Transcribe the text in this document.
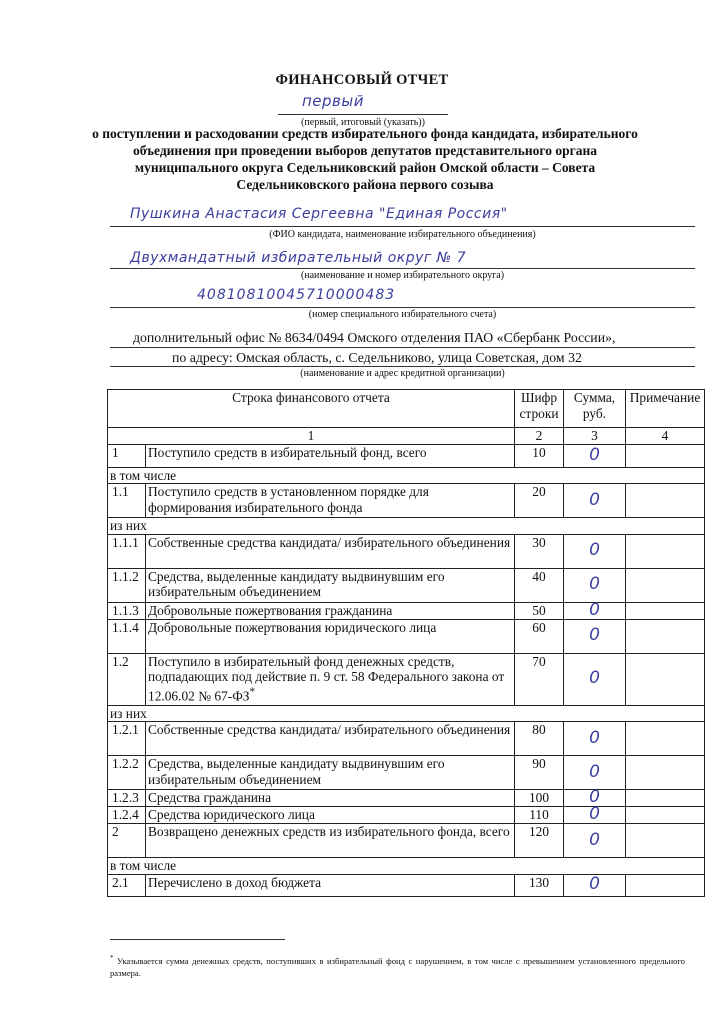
ФИНАНСОВЫЙ ОТЧЕТ
первый
(первый, итоговый (указать))
о поступлении и расходовании средств избирательного фонда кандидата, избирательного объединения при проведении выборов депутатов представительного органа муниципального округа Седельниковский район Омской области – Совета Седельниковского района первого созыва
Пушкина Анастасия Сергеевна "Единая Россия"
(ФИО кандидата, наименование избирательного объединения)
Двухмандатный избирательный округ № 7
(наименование и номер избирательного округа)
40810810045710000483
(номер специального избирательного счета)
дополнительный офис № 8634/0494 Омского отделения ПАО «Сбербанк России»,
по адресу: Омская область, с. Седельниково, улица Советская, дом 32
(наименование и адрес кредитной организации)
Строка финансового отчета		Шифр строки	Сумма, руб.	Примечание
1		2	3	4
1	Поступило средств в избирательный фонд, всего	10	0	
в том числе				
1.1	Поступило средств в установленном порядке для формирования избирательного фонда	20	0	
из них				
1.1.1	Собственные средства кандидата/ избирательного объединения	30	0	
1.1.2	Средства, выделенные кандидату выдвинувшим его избирательным объединением	40	0	
1.1.3	Добровольные пожертвования гражданина	50	0	
1.1.4	Добровольные пожертвования юридического лица	60	0	
1.2	Поступило в избирательный фонд денежных средств, подпадающих под действие п. 9 ст. 58 Федерального закона от 12.06.02 № 67-ФЗ*	70	0	
из них				
1.2.1	Собственные средства кандидата/ избирательного объединения	80	0	
1.2.2	Средства, выделенные кандидату выдвинувшим его избирательным объединением	90	0	
1.2.3	Средства гражданина	100	0	
1.2.4	Средства юридического лица	110	0	
2	Возвращено денежных средств из избирательного фонда, всего	120	0	
в том числе				
2.1	Перечислено в доход бюджета	130	0	
* Указывается сумма денежных средств, поступивших в избирательный фонд с нарушением, в том числе с превышением установленного предельного размера.
